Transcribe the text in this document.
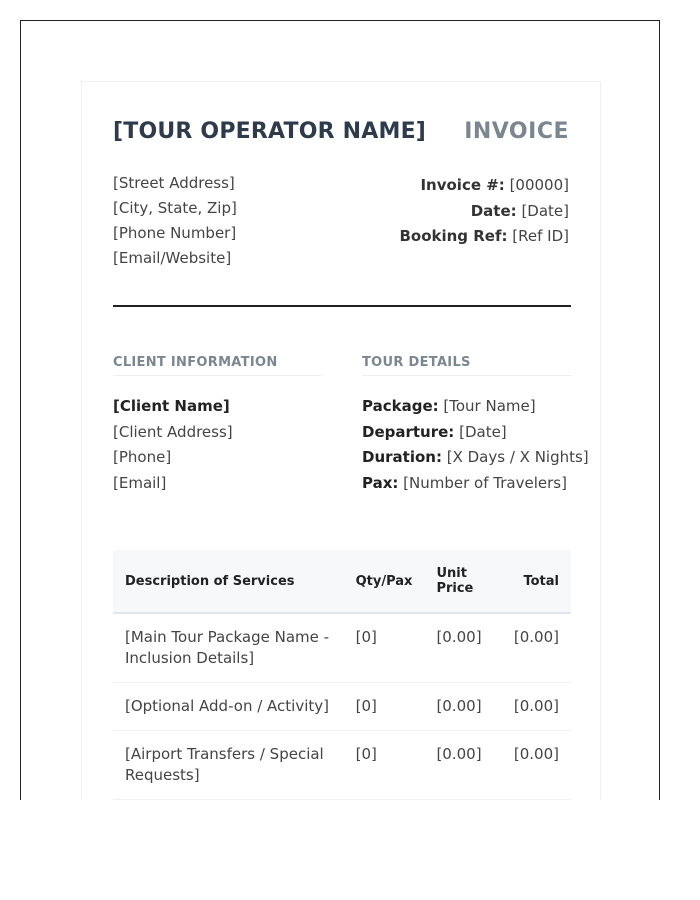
[TOUR OPERATOR NAME] INVOICE
[Street Address]
[City, State, Zip]
[Phone Number]
[Email/Website]
Invoice #: [00000]
Date: [Date]
Booking Ref: [Ref ID]
CLIENT INFORMATION	TOUR DETAILS
[Client Name]
[Client Address]
[Phone]
[Email]
Package: [Tour Name]
Departure: [Date]
Duration: [X Days / X Nights]
Pax: [Number of Travelers]
Description of Services	Qty/Pax	Unit Price	Total
[Main Tour Package Name - Inclusion Details]	[0]	[0.00]	[0.00]
[Optional Add-on / Activity]	[0]	[0.00]	[0.00]
[Airport Transfers / Special Requests]	[0]	[0.00]	[0.00]
